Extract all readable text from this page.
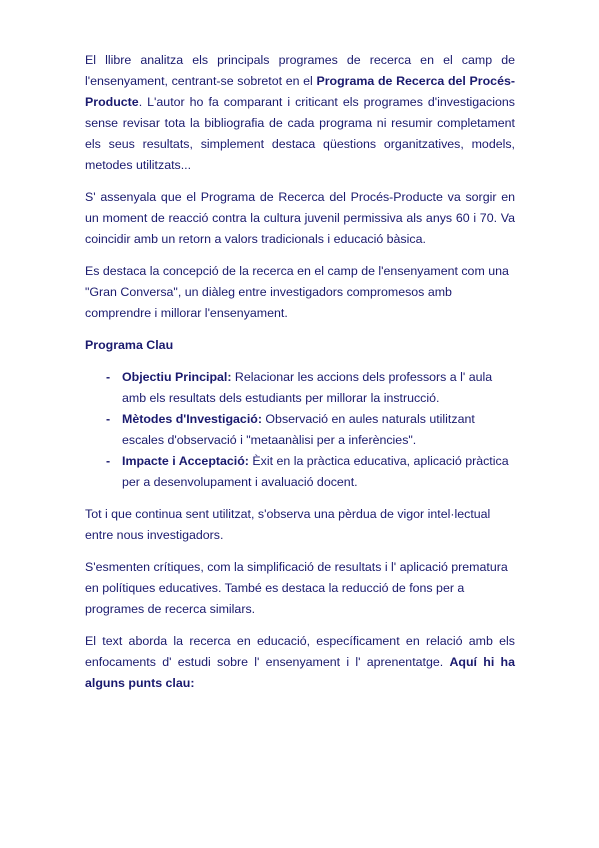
El llibre analitza els principals programes de recerca en el camp de l'ensenyament, centrant-se sobretot en el Programa de Recerca del Procés-Producte. L'autor ho fa comparant i criticant els programes d'investigacions sense revisar tota la bibliografia de cada programa ni resumir completament els seus resultats, simplement destaca qüestions organitzatives, models, metodes utilitzats...

S' assenyala que el Programa de Recerca del Procés-Producte va sorgir en un moment de reacció contra la cultura juvenil permissiva als anys 60 i 70. Va coincidir amb un retorn a valors tradicionals i educació bàsica.

Es destaca la concepció de la recerca en el camp de l'ensenyament com una "Gran Conversa", un diàleg entre investigadors compromesos amb comprendre i millorar l'ensenyament.

Programa Clau
- Objectiu Principal: Relacionar les accions dels professors a l' aula amb els resultats dels estudiants per millorar la instrucció.
- Mètodes d'Investigació: Observació en aules naturals utilitzant escales d'observació i "metaanàlisi per a inferències".
- Impacte i Acceptació: Èxit en la pràctica educativa, aplicació pràctica per a desenvolupament i avaluació docent.

Tot i que continua sent utilitzat, s'observa una pèrdua de vigor intel·lectual entre nous investigadors.

S'esmenten crítiques, com la simplificació de resultats i l' aplicació prematura en polítiques educatives. També es destaca la reducció de fons per a programes de recerca similars.

El text aborda la recerca en educació, específicament en relació amb els enfocaments d' estudi sobre l' ensenyament i l' aprenentatge. Aquí hi ha alguns punts clau:
